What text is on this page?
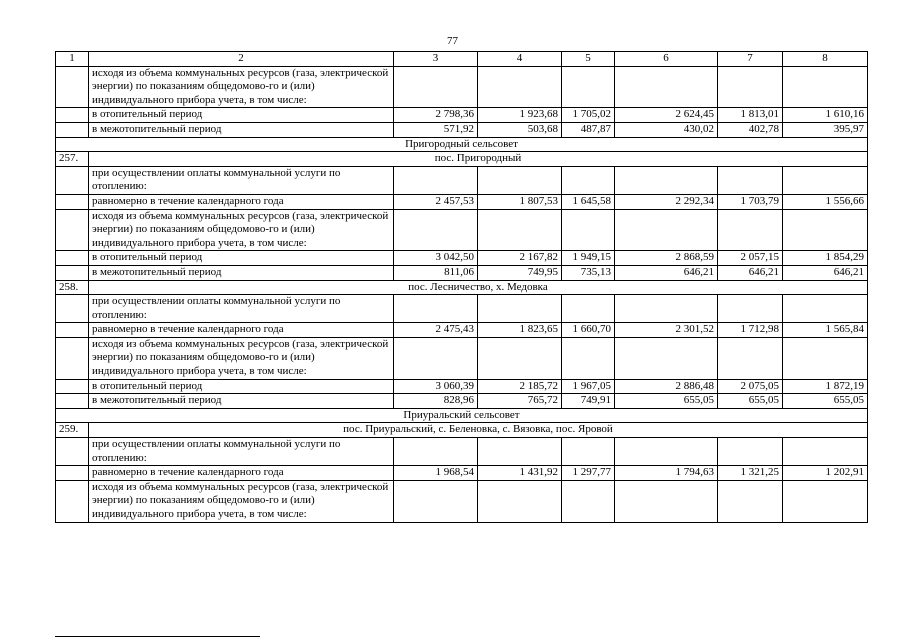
77
1	2	3	4	5	6	7	8
	исходя из объема коммунальных ресурсов (газа, электрической энергии) по показаниям общедомово-го и (или) индивидуального прибора учета, в том числе:						
	в отопительный период	2 798,36	1 923,68	1 705,02	2 624,45	1 813,01	1 610,16
	в межотопительный период	571,92	503,68	487,87	430,02	402,78	395,97
Пригородный сельсовет							
257.	пос. Пригородный						
	при осуществлении оплаты коммунальной услуги по отоплению:						
	равномерно в течение календарного года	2 457,53	1 807,53	1 645,58	2 292,34	1 703,79	1 556,66
	исходя из объема коммунальных ресурсов (газа, электрической энергии) по показаниям общедомово-го и (или) индивидуального прибора учета, в том числе:						
	в отопительный период	3 042,50	2 167,82	1 949,15	2 868,59	2 057,15	1 854,29
	в межотопительный период	811,06	749,95	735,13	646,21	646,21	646,21
258.	пос. Лесничество, х. Медовка						
	при осуществлении оплаты коммунальной услуги по отоплению:						
	равномерно в течение календарного года	2 475,43	1 823,65	1 660,70	2 301,52	1 712,98	1 565,84
	исходя из объема коммунальных ресурсов (газа, электрической энергии) по показаниям общедомово-го и (или) индивидуального прибора учета, в том числе:						
	в отопительный период	3 060,39	2 185,72	1 967,05	2 886,48	2 075,05	1 872,19
	в межотопительный период	828,96	765,72	749,91	655,05	655,05	655,05
Приуральский сельсовет							
259.	пос. Приуральский, с. Беленовка, с. Вязовка, пос. Яровой						
	при осуществлении оплаты коммунальной услуги по отоплению:						
	равномерно в течение календарного года	1 968,54	1 431,92	1 297,77	1 794,63	1 321,25	1 202,91
	исходя из объема коммунальных ресурсов (газа, электрической энергии) по показаниям общедомово-го и (или) индивидуального прибора учета, в том числе:						
